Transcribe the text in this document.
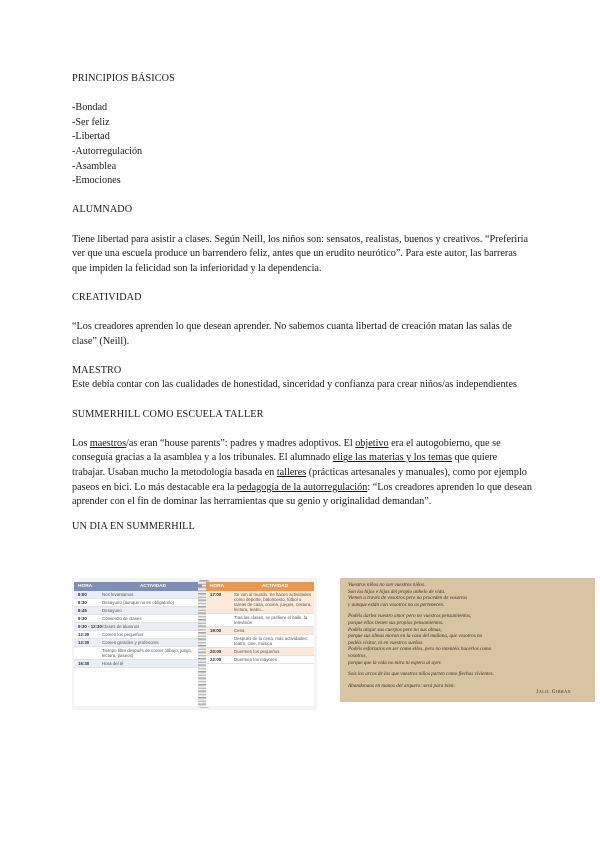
PRINCIPIOS BÁSICOS
-Bondad
-Ser feliz
-Libertad
-Autorregulación
-Asamblea
-Emociones
ALUMNADO

Tiene libertad para asistir a clases. Según Neill, los niños son: sensatos, realistas, buenos y creativos. “Preferiría ver que una escuela produce un barrendero feliz, antes que un erudito neurótico”. Para este autor, las barreras que impiden la felicidad son la inferioridad y la dependencia.

CREATIVIDAD

“Los creadores aprenden lo que desean aprender. No sabemos cuanta libertad de creación matan las salas de clase” (Neill).

MAESTRO

Este debía contar con las cualidades de honestidad, sinceridad y confianza para crear niños/as independientes

SUMMERHILL COMO ESCUELA TALLER

Los maestros/as eran “house parents”: padres y madres adoptivos. El objetivo era el autogobierno, que se conseguía gracias a la asamblea y a los tribunales. El alumnado elige las materias y los temas que quiere trabajar. Usaban mucho la metodología basada en talleres (prácticas artesanales y manuales), como por ejemplo paseos en bici. Lo más destacable era la pedagogía de la autorregulación: “Los creadores aprenden lo que desean aprender con el fin de dominar las herramientas que su genio y originalidad demandan”.

UN DIA EN SUMMERHILL
HORA	ACTIVIDAD
8:00	Nos levantamos
8:30	Desayuno (aunque no es obligatorio)
8:45	Desayuno
9:30	Comienzo de clases
9:30 - 12:30 Clases de alumnos
12:30	Comen los pequeños
12:30	Comen grandes y profesores
Tiempo libre después de comer (dibujo, juego, lectura, paseos)
16:30	Hora del té
HORA	ACTIVIDAD
17:00	Se van al mundo. Se hacen actividades como deporte, baloncesto, fútbol o tareas de casa, cocina, juegos, costura, lectura, teatro...
Tras las clases, se prefiere el baile, la televisión
19:00	Cena
Después de la cena, más actividades: teatro, cine, música
20:00	Duermen los pequeños
22:00	Duermen los mayores
Vuestros niños no son vuestros niños.
Son los hijos e hijas del propio anhelo de vida.
Vienen a través de vosotros pero no proceden de vosotros
y aunque están con vosotros no os pertenecen.
Podéis darles vuestro amor pero no vuestros pensamientos,
porque ellos tienen sus propios pensamientos.
Podéis alojar sus cuerpos pero no sus almas,
porque sus almas moran en la casa del mañana, que vosotros no
podéis visitar, ni en vuestros sueños.
Podéis esforzaros en ser como ellos, pero no intentéis hacerlos como
vosotros,
porque que la vida no mira ni espera al ayer.
Sois los arcos de los que vuestros niños parten como flechas vivientes.
Abandonaos en manos del arquero: será para bien.
Jalil Gibrán
